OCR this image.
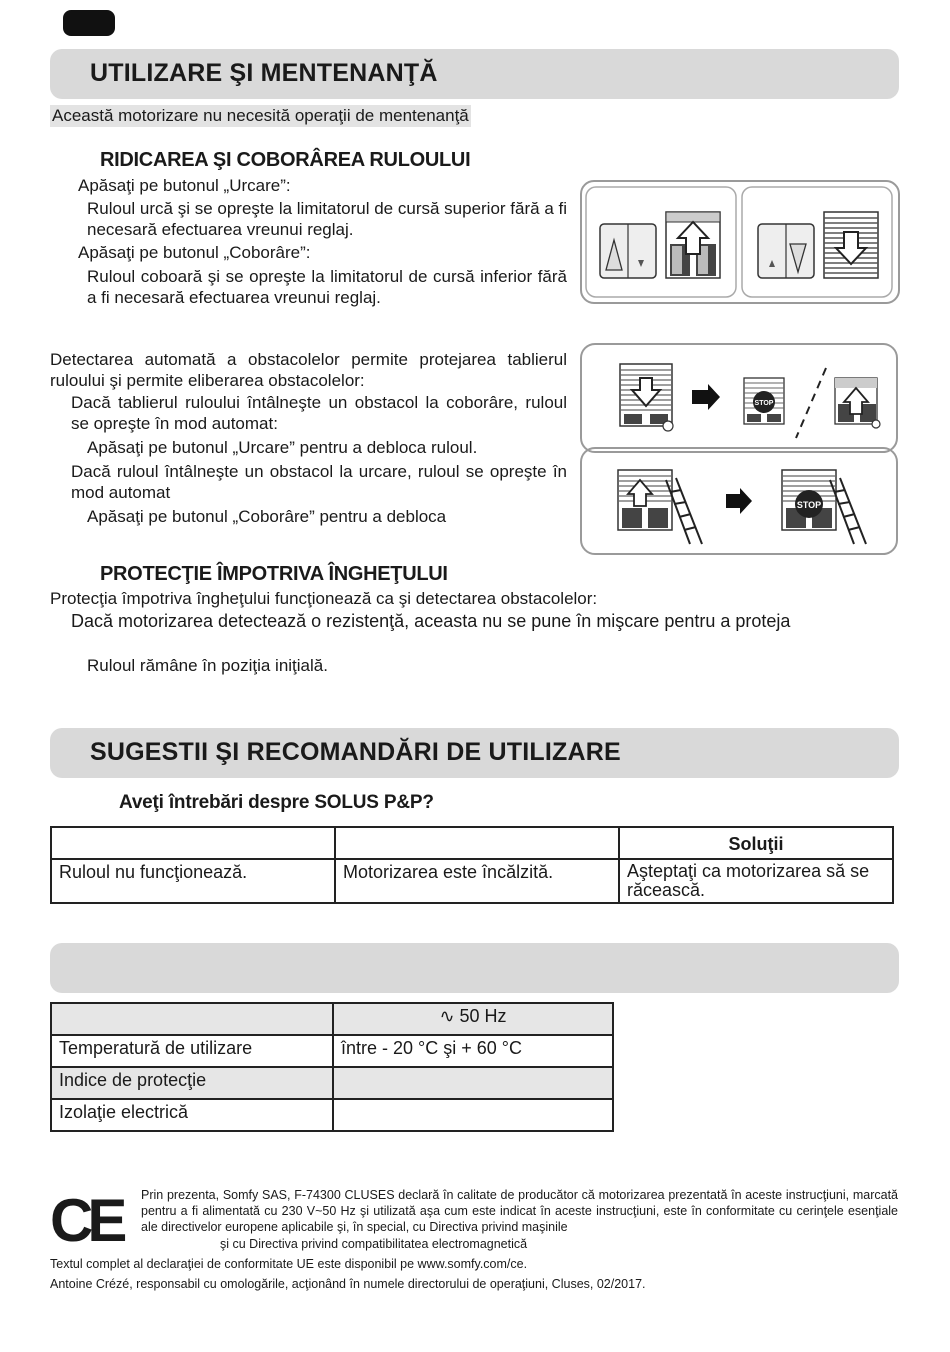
UTILIZARE ŞI MENTENANŢĂ
Această motorizare nu necesită operaţii de mentenanţă
RIDICAREA ŞI COBORÂREA RULOULUI
Apăsaţi pe butonul „Urcare”:
Ruloul urcă şi se opreşte la limitatorul de cursă superior fără a fi necesară efectuarea vreunui reglaj.
Apăsaţi pe butonul „Coborâre”:
Ruloul coboară şi se opreşte la limitatorul de cursă inferior fără a fi necesară efectuarea vreunui reglaj.
Detectarea automată a obstacolelor permite protejarea tablierul ruloului şi permite eliberarea obstacolelor:
Dacă tablierul ruloului întâlneşte un obstacol la coborâre, ruloul se opreşte în mod automat:
Apăsaţi pe butonul „Urcare” pentru a debloca ruloul.
Dacă ruloul întâlneşte un obstacol la urcare, ruloul se opreşte în mod automat
Apăsaţi pe butonul „Coborâre” pentru a debloca
STOP
STOP
PROTECŢIE ÎMPOTRIVA ÎNGHEŢULUI
Protecţia împotriva îngheţului funcţionează ca şi detectarea obstacolelor:
Dacă motorizarea detectează o rezistenţă, aceasta nu se pune în mişcare pentru a proteja
Ruloul rămâne în poziţia iniţială.
SUGESTII ŞI RECOMANDĂRI DE UTILIZARE
Aveţi întrebări despre SOLUS P&P?
		Soluţii
Ruloul nu funcţionează.	Motorizarea este încălzită.	Aşteptaţi ca motorizarea să se răcească.
	∿ 50 Hz
Temperatură de utilizare	între - 20 °C şi + 60 °C
Indice de protecţie	
Izolaţie electrică	
CE Prin prezenta, Somfy SAS, F-74300 CLUSES declară în calitate de producător că motorizarea prezentată în aceste instrucţiuni, marcată pentru a fi alimentată cu 230 V~50 Hz şi utilizată aşa cum este indicat în aceste instrucţiuni, este în conformitate cu cerinţele esenţiale ale directivelor europene aplicabile şi, în special, cu Directiva privind maşinile
şi cu Directiva privind compatibilitatea electromagnetică
Textul complet al declaraţiei de conformitate UE este disponibil pe www.somfy.com/ce.
Antoine Crézé, responsabil cu omologările, acţionând în numele directorului de operaţiuni, Cluses, 02/2017.
